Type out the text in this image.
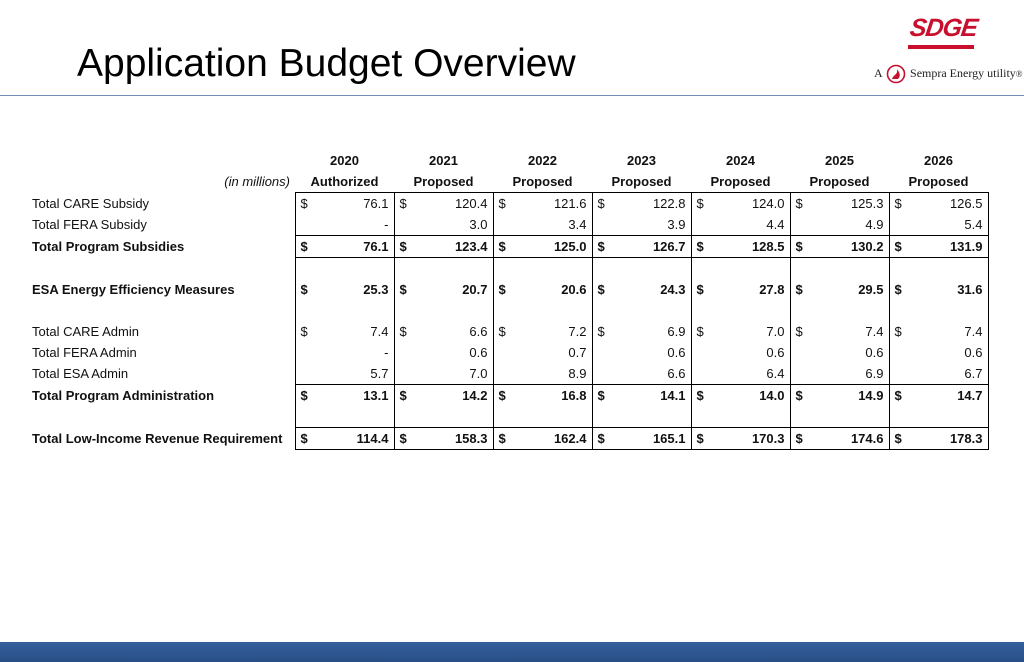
Application Budget Overview
SDGE
A Sempra Energy utility®
	2020		2021		2022		2023		2024		2025		2026	
(in millions)	Authorized		Proposed		Proposed		Proposed		Proposed		Proposed		Proposed	
Total CARE Subsidy	$	76.1	$	120.4	$	121.6	$	122.8	$	124.0	$	125.3	$	126.5
Total FERA Subsidy		-		3.0		3.4		3.9		4.4		4.9		5.4
Total Program Subsidies	$	76.1	$	123.4	$	125.0	$	126.7	$	128.5	$	130.2	$	131.9

ESA Energy Efficiency Measures	$	25.3	$	20.7	$	20.6	$	24.3	$	27.8	$	29.5	$	31.6

Total CARE Admin	$	7.4	$	6.6	$	7.2	$	6.9	$	7.0	$	7.4	$	7.4
Total FERA Admin		-		0.6		0.7		0.6		0.6		0.6		0.6
Total ESA Admin		5.7		7.0		8.9		6.6		6.4		6.9		6.7
Total Program Administration	$	13.1	$	14.2	$	16.8	$	14.1	$	14.0	$	14.9	$	14.7

Total Low-Income Revenue Requirement	$	114.4	$	158.3	$	162.4	$	165.1	$	170.3	$	174.6	$	178.3
